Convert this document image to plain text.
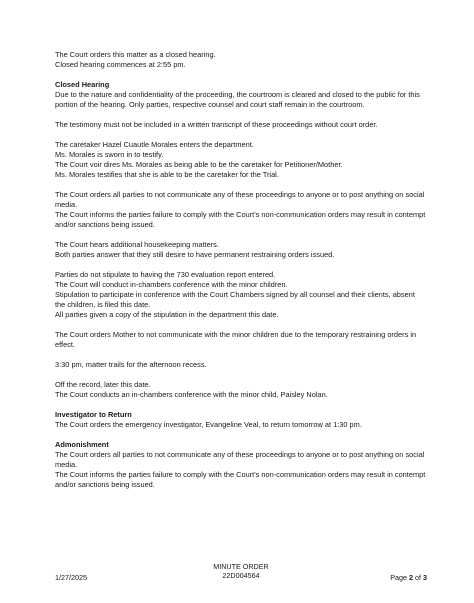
The Court orders this matter as a closed hearing.

Closed hearing commences at 2:55 pm.

Closed Hearing

Due to the nature and confidentiality of the proceeding, the courtroom is cleared and closed to the public for this portion of the hearing. Only parties, respective counsel and court staff remain in the courtroom.

The testimony must not be included in a written transcript of these proceedings without court order.

The caretaker Hazel Cuautle Morales enters the department.

Ms. Morales is sworn in to testify.

The Court voir dires Ms. Morales as being able to be the caretaker for Petitioner/Mother.

Ms. Morales testifies that she is able to be the caretaker for the Trial.

The Court orders all parties to not communicate any of these proceedings to anyone or to post anything on social media.

The Court informs the parties failure to comply with the Court's non-communication orders may result in contempt and/or sanctions being issued.

The Court hears additional housekeeping matters.

Both parties answer that they still desire to have permanent restraining orders issued.

Parties do not stipulate to having the 730 evaluation report entered.

The Court will conduct in-chambers conference with the minor children.

Stipulation to participate in conference with the Court Chambers signed by all counsel and their clients, absent the children, is filed this date.

All parties given a copy of the stipulation in the department this date.

The Court orders Mother to not communicate with the minor children due to the temporary restraining orders in effect.

3:30 pm, matter trails for the afternoon recess.

Off the record, later this date.

The Court conducts an in-chambers conference with the minor child, Paisley Nolan.

Investigator to Return

The Court orders the emergency investigator, Evangeline Veal, to return tomorrow at 1:30 pm.

Admonishment

The Court orders all parties to not communicate any of these proceedings to anyone or to post anything on social media.

The Court informs the parties failure to comply with the Court's non-communication orders may result in contempt and/or sanctions being issued.

MINUTE ORDER
22D004564
1/27/2025	Page 2 of 3
